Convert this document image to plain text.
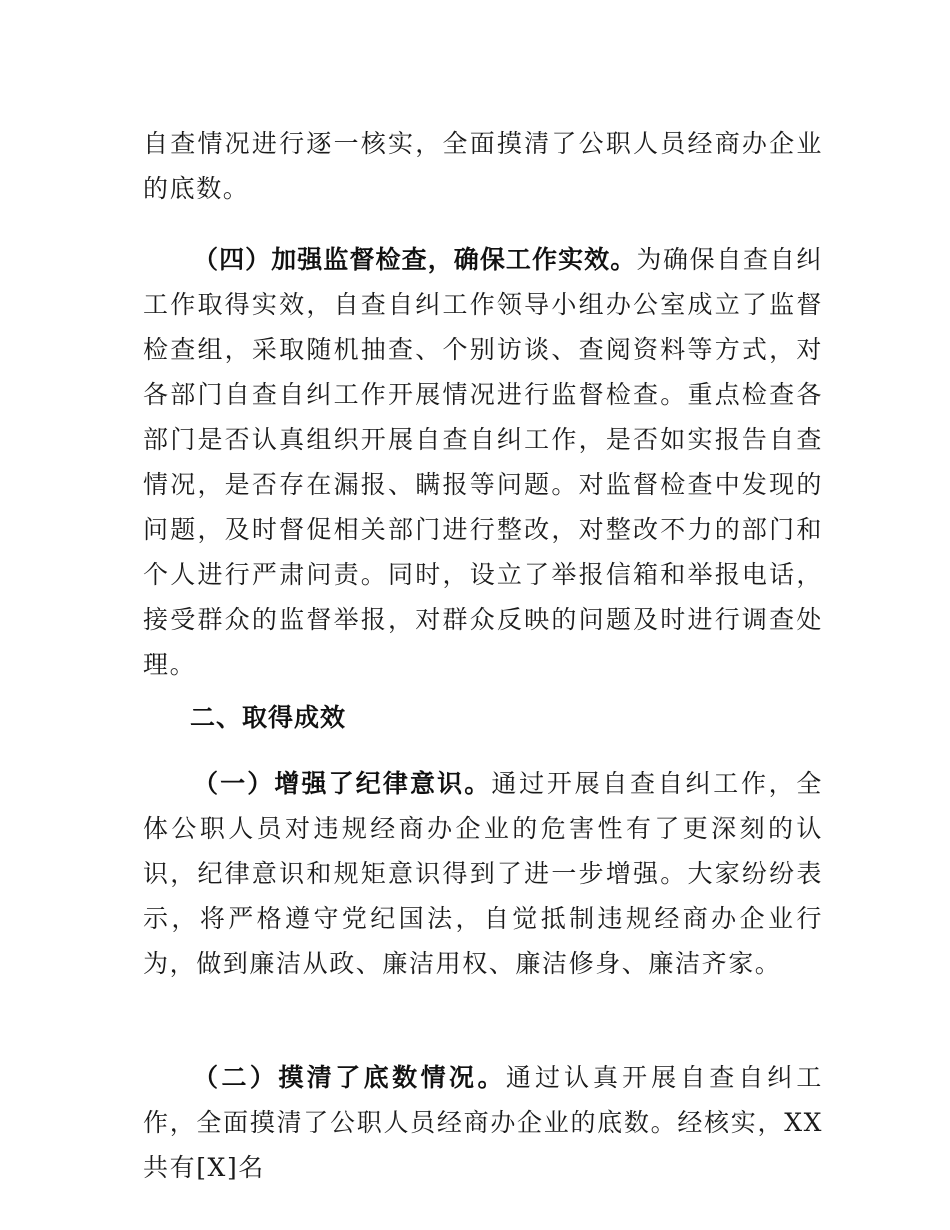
自查情况进行逐一核实，全面摸清了公职人员经商办企业的底数。

（四）加强监督检查，确保工作实效。为确保自查自纠工作取得实效，自查自纠工作领导小组办公室成立了监督检查组，采取随机抽查、个别访谈、查阅资料等方式，对各部门自查自纠工作开展情况进行监督检查。重点检查各部门是否认真组织开展自查自纠工作，是否如实报告自查情况，是否存在漏报、瞒报等问题。对监督检查中发现的问题，及时督促相关部门进行整改，对整改不力的部门和个人进行严肃问责。同时，设立了举报信箱和举报电话，接受群众的监督举报，对群众反映的问题及时进行调查处理。

二、取得成效

（一）增强了纪律意识。通过开展自查自纠工作，全体公职人员对违规经商办企业的危害性有了更深刻的认识，纪律意识和规矩意识得到了进一步增强。大家纷纷表示，将严格遵守党纪国法，自觉抵制违规经商办企业行为，做到廉洁从政、廉洁用权、廉洁修身、廉洁齐家。

（二）摸清了底数情况。通过认真开展自查自纠工作，全面摸清了公职人员经商办企业的底数。经核实，XX共有[X]名
